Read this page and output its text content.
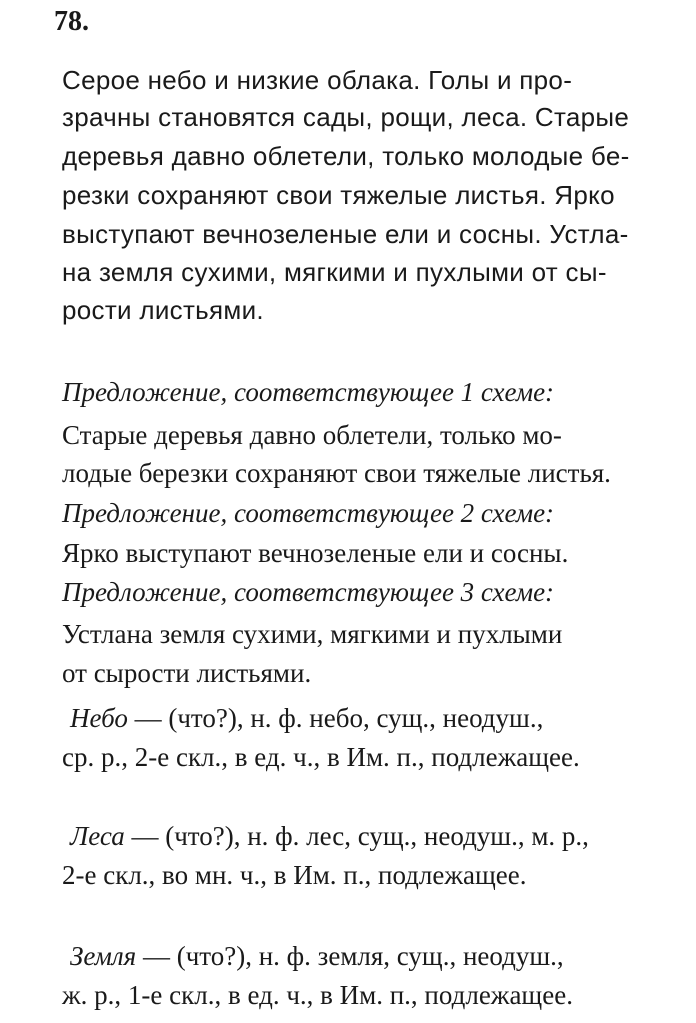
78.
Серое небо и низкие облака. Голы и про-
зрачны становятся сады, рощи, леса. Старые
деревья давно облетели, только молодые бе-
резки сохраняют свои тяжелые листья. Ярко
выступают вечнозеленые ели и сосны. Устла-
на земля сухими, мягкими и пухлыми от сы-
рости листьями.
Предложение, соответствующее 1 схеме:
Старые деревья давно облетели, только мо-
лодые березки сохраняют свои тяжелые листья.
Предложение, соответствующее 2 схеме:
Ярко выступают вечнозеленые ели и сосны.
Предложение, соответствующее 3 схеме:
Устлана земля сухими, мягкими и пухлыми
от сырости листьями.
Небо — (что?), н. ф. небо, сущ., неодуш.,
ср. р., 2-е скл., в ед. ч., в Им. п., подлежащее.
Леса — (что?), н. ф. лес, сущ., неодуш., м. р.,
2-е скл., во мн. ч., в Им. п., подлежащее.
Земля — (что?), н. ф. земля, сущ., неодуш.,
ж. р., 1-е скл., в ед. ч., в Им. п., подлежащее.
